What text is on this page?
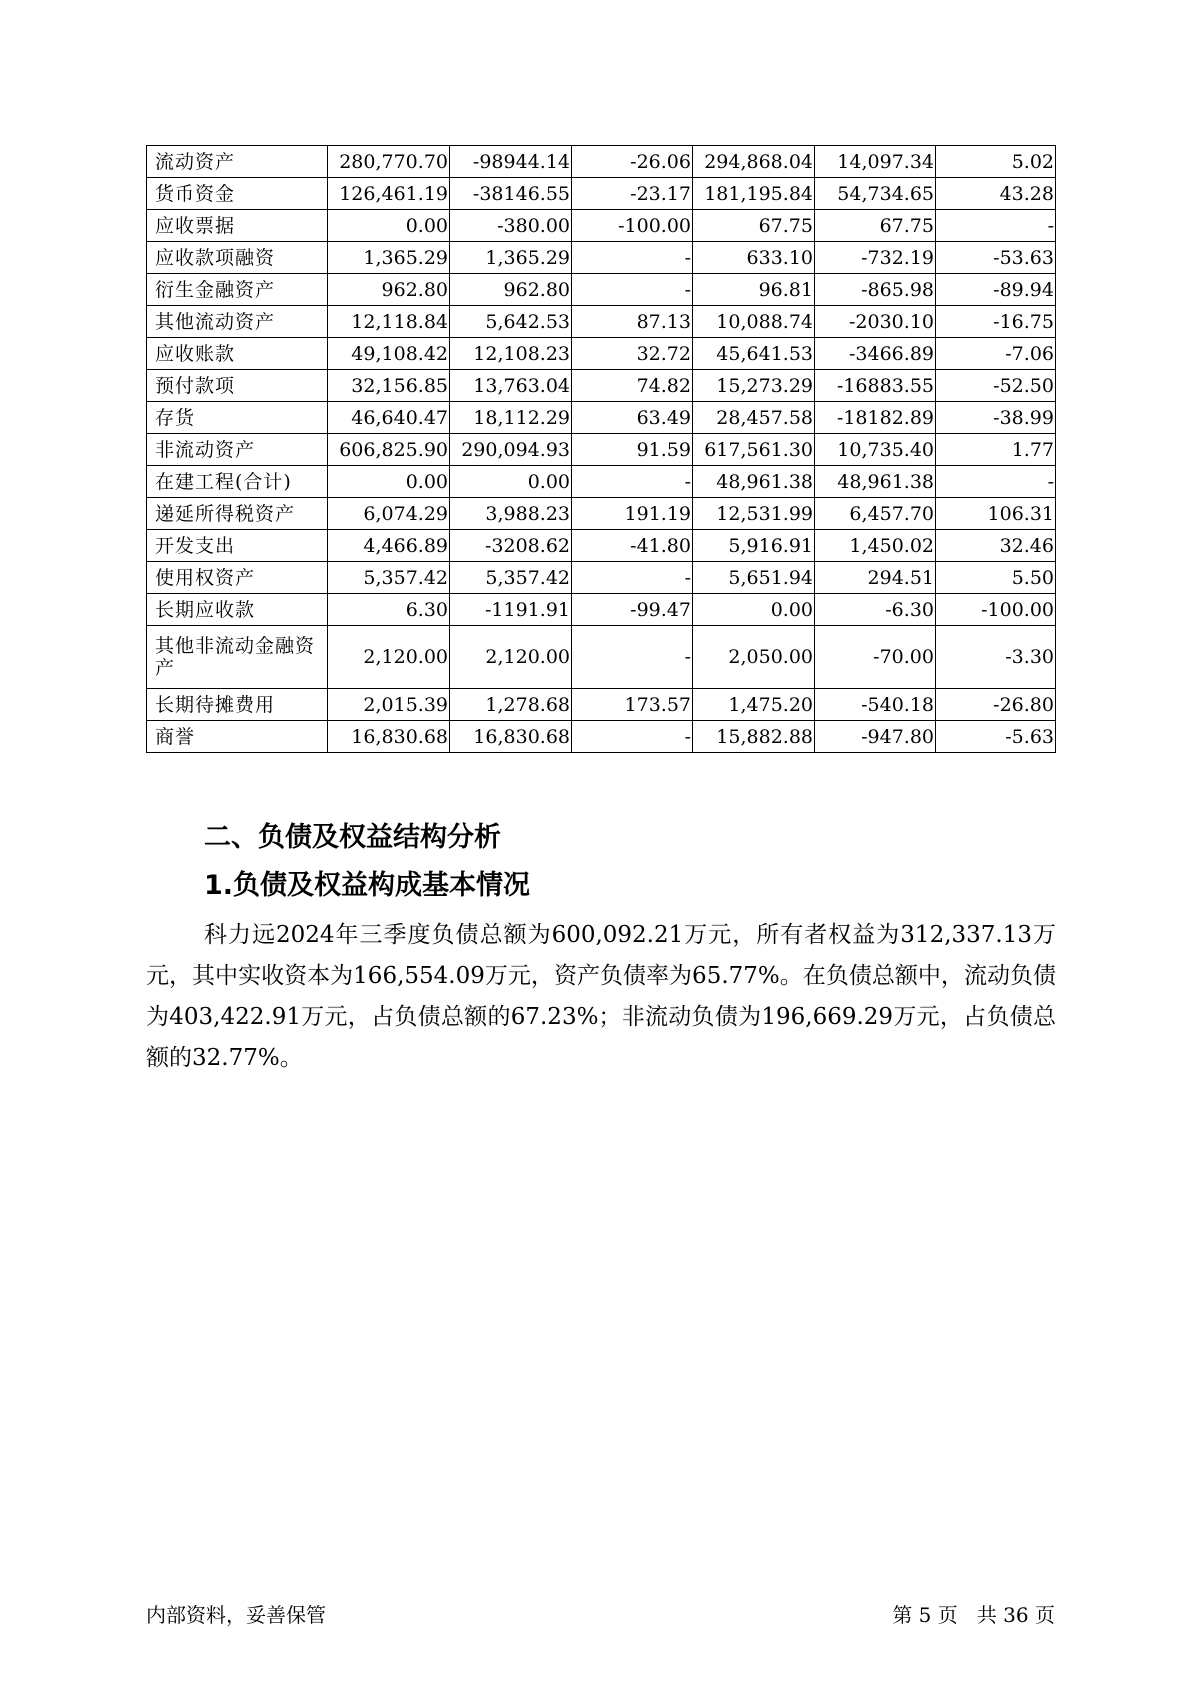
流动资产	280,770.70	-98944.14	-26.06	294,868.04	14,097.34	5.02
货币资金	126,461.19	-38146.55	-23.17	181,195.84	54,734.65	43.28
应收票据	0.00	-380.00	-100.00	67.75	67.75	-
应收款项融资	1,365.29	1,365.29	-	633.10	-732.19	-53.63
衍生金融资产	962.80	962.80	-	96.81	-865.98	-89.94
其他流动资产	12,118.84	5,642.53	87.13	10,088.74	-2030.10	-16.75
应收账款	49,108.42	12,108.23	32.72	45,641.53	-3466.89	-7.06
预付款项	32,156.85	13,763.04	74.82	15,273.29	-16883.55	-52.50
存货	46,640.47	18,112.29	63.49	28,457.58	-18182.89	-38.99
非流动资产	606,825.90	290,094.93	91.59	617,561.30	10,735.40	1.77
在建工程(合计)	0.00	0.00	-	48,961.38	48,961.38	-
递延所得税资产	6,074.29	3,988.23	191.19	12,531.99	6,457.70	106.31
开发支出	4,466.89	-3208.62	-41.80	5,916.91	1,450.02	32.46
使用权资产	5,357.42	5,357.42	-	5,651.94	294.51	5.50
长期应收款	6.30	-1191.91	-99.47	0.00	-6.30	-100.00
其他非流动金融资产	2,120.00	2,120.00	-	2,050.00	-70.00	-3.30
长期待摊费用	2,015.39	1,278.68	173.57	1,475.20	-540.18	-26.80
商誉	16,830.68	16,830.68	-	15,882.88	-947.80	-5.63
二、负债及权益结构分析
1.负债及权益构成基本情况

科力远2024年三季度负债总额为600,092.21万元，所有者权益为312,337.13万元，其中实收资本为166,554.09万元，资产负债率为65.77%。在负债总额中，流动负债为403,422.91万元，占负债总额的67.23%；非流动负债为196,669.29万元，占负债总额的32.77%。

内部资料，妥善保管	第 5 页   共 36 页
